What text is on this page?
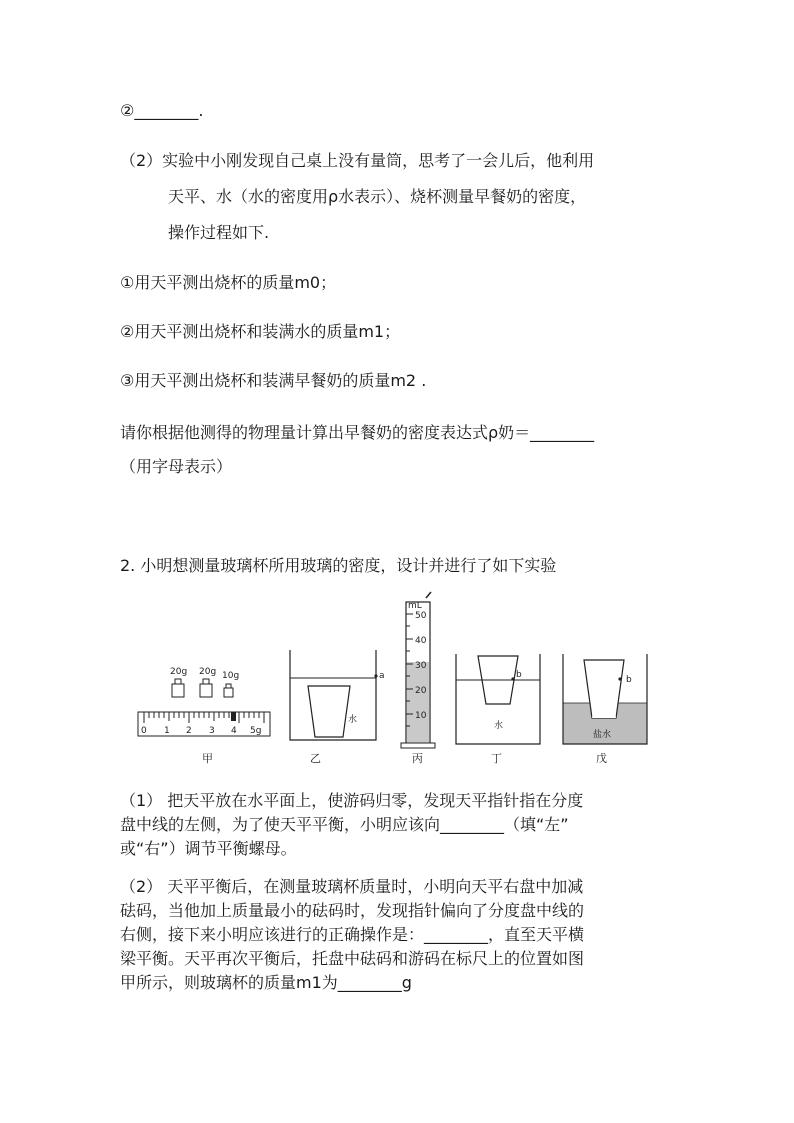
②________.
（2）实验中小刚发现自己桌上没有量筒，思考了一会儿后，他利用
天平、水（水的密度用ρ水表示）、烧杯测量早餐奶的密度，
操作过程如下.
①用天平测出烧杯的质量m0；
②用天平测出烧杯和装满水的质量m1；
③用天平测出烧杯和装满早餐奶的质量m2 .
请你根据他测得的物理量计算出早餐奶的密度表达式ρ奶＝________
（用字母表示）
2. 小明想测量玻璃杯所用玻璃的密度，设计并进行了如下实验
20g 20g 10g
0 1 2 3 4 5g
a
水
mL
50
40
30
20
10
b
水
b
盐水
甲	乙	丙	丁	戊
（1） 把天平放在水平面上，使游码归零，发现天平指针指在分度
盘中线的左侧，为了使天平平衡，小明应该向________（填“左”
或“右”）调节平衡螺母。
（2） 天平平衡后，在测量玻璃杯质量时，小明向天平右盘中加减
砝码，当他加上质量最小的砝码时，发现指针偏向了分度盘中线的
右侧，接下来小明应该进行的正确操作是：________，直至天平横
梁平衡。天平再次平衡后，托盘中砝码和游码在标尺上的位置如图
甲所示，则玻璃杯的质量m1为________g
